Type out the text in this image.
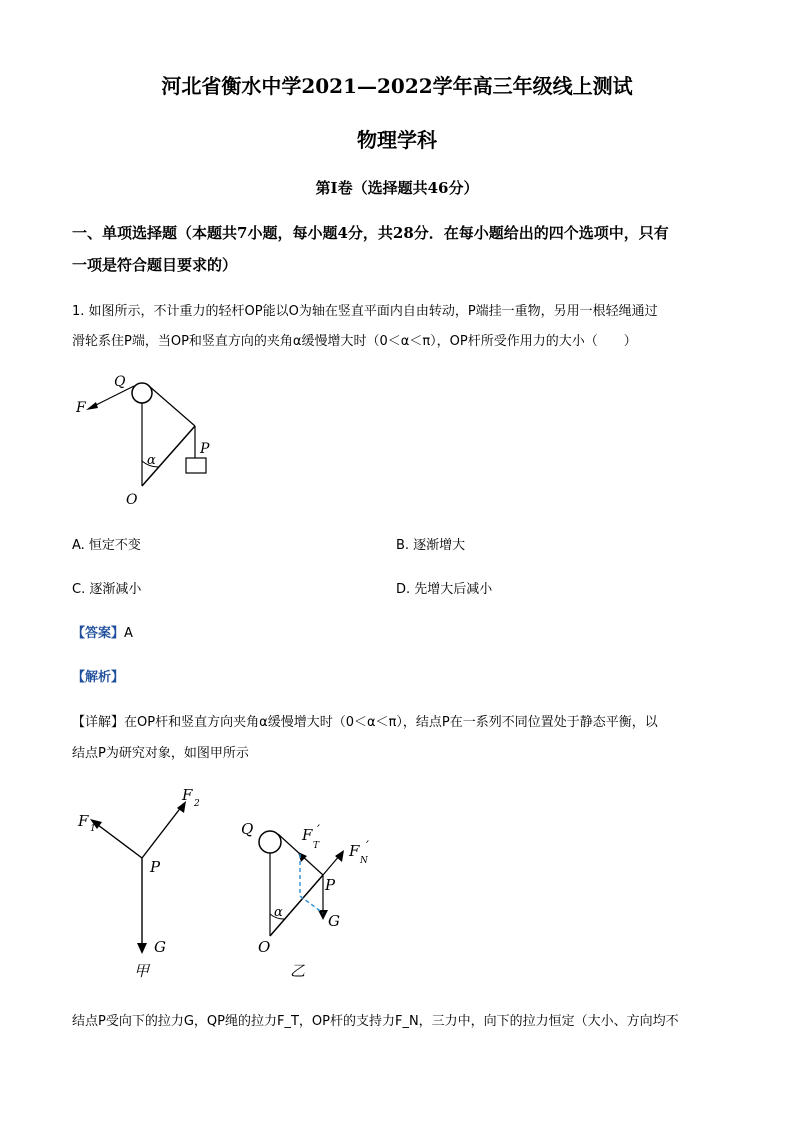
河北省衡水中学2021—2022学年高三年级线上测试
物理学科
第Ⅰ卷（选择题共46分）
一、单项选择题（本题共7小题，每小题4分，共28分．在每小题给出的四个选项中，只有
一项是符合题目要求的）
1. 如图所示，不计重力的轻杆OP能以O为轴在竖直平面内自由转动，P端挂一重物，另用一根轻绳通过
滑轮系住P端，当OP和竖直方向的夹角α缓慢增大时（0＜α＜π），OP杆所受作用力的大小（　　）
Q
F
P
α
O
A. 恒定不变	B. 逐渐增大
C. 逐渐减小	D. 先增大后减小
【答案】A
【解析】
【详解】在OP杆和竖直方向夹角α缓慢增大时（0＜α＜π），结点P在一系列不同位置处于静态平衡，以
结点P为研究对象，如图甲所示
F 1
F 2
P
G
甲
Q	F
T
′
F
N
′
P
α	G
O
乙
结点P受向下的拉力G，QP绳的拉力F_T，OP杆的支持力F_N，三力中，向下的拉力恒定（大小、方向均不
